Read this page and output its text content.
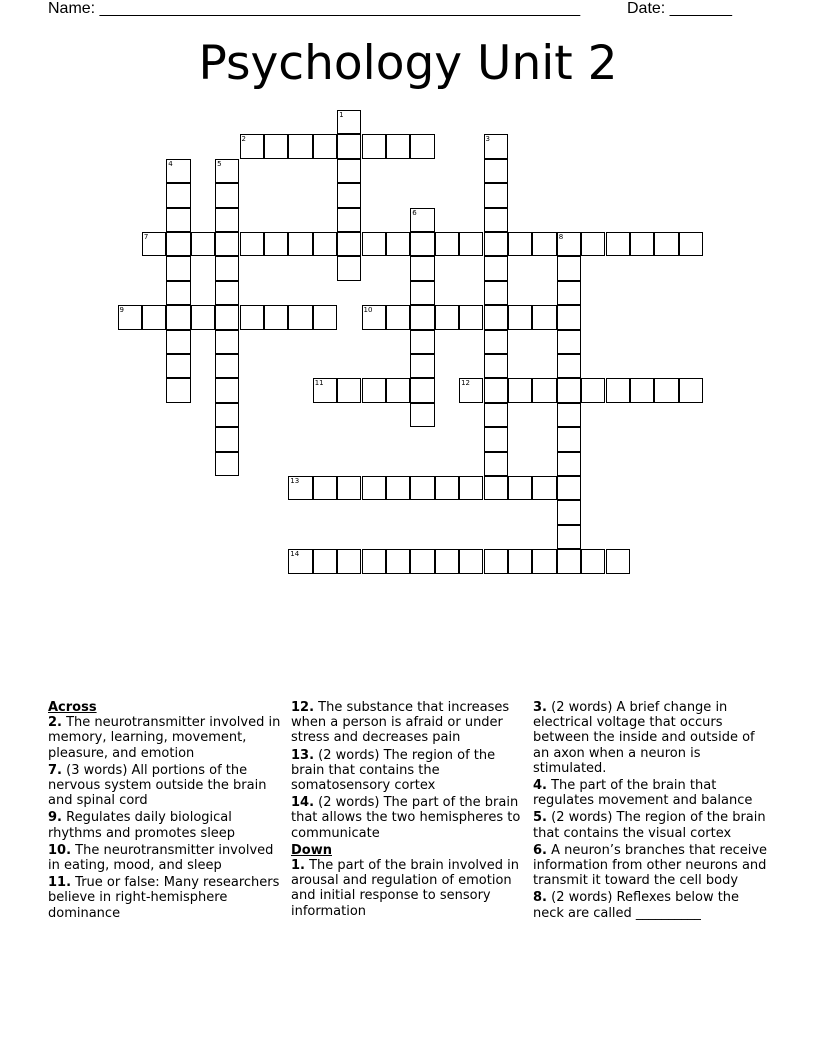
Name: ______________________________________________________	Date: _______
Psychology Unit 2
1
2	3
4	5
6
7	8
9	10
11	12
13
14
Across
2. The neurotransmitter involved in memory, learning, movement, pleasure, and emotion
7. (3 words) All portions of the nervous system outside the brain and spinal cord
9. Regulates daily biological rhythms and promotes sleep
10. The neurotransmitter involved in eating, mood, and sleep
11. True or false: Many researchers believe in right-hemisphere dominance
12. The substance that increases when a person is afraid or under stress and decreases pain
13. (2 words) The region of the brain that contains the somatosensory cortex
14. (2 words) The part of the brain that allows the two hemispheres to communicate
Down
1. The part of the brain involved in arousal and regulation of emotion and initial response to sensory information
3. (2 words) A brief change in electrical voltage that occurs between the inside and outside of an axon when a neuron is stimulated.
4. The part of the brain that regulates movement and balance
5. (2 words) The region of the brain that contains the visual cortex
6. A neuron’s branches that receive information from other neurons and transmit it toward the cell body
8. (2 words) Reflexes below the neck are called __________
